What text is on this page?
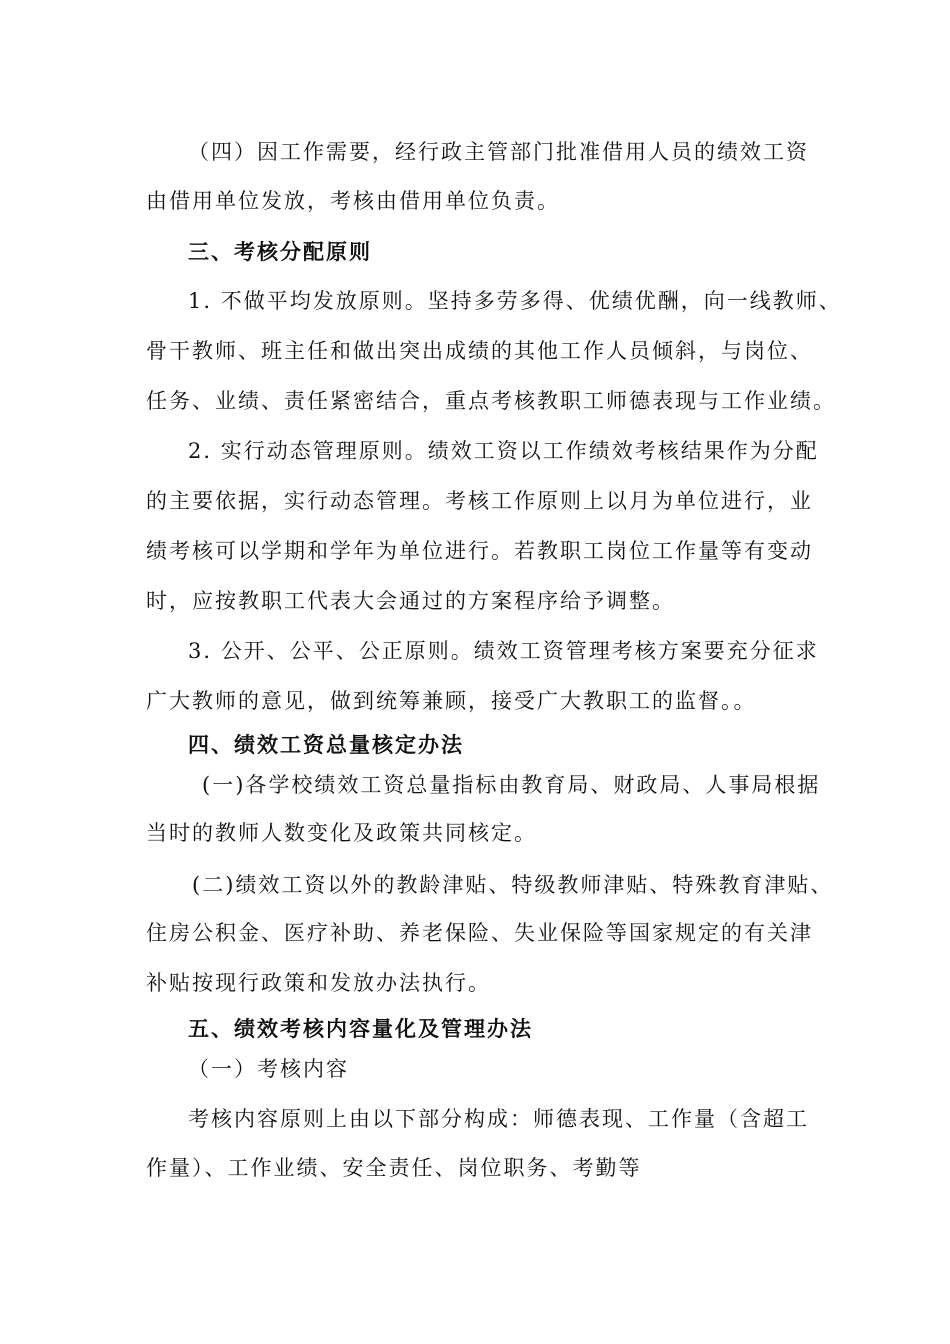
（四）因工作需要，经行政主管部门批准借用人员的绩效工资
由借用单位发放，考核由借用单位负责。
三、考核分配原则
1. 不做平均发放原则。坚持多劳多得、优绩优酬，向一线教师、
骨干教师、班主任和做出突出成绩的其他工作人员倾斜，与岗位、
任务、业绩、责任紧密结合，重点考核教职工师德表现与工作业绩。
2. 实行动态管理原则。绩效工资以工作绩效考核结果作为分配
的主要依据，实行动态管理。考核工作原则上以月为单位进行，业
绩考核可以学期和学年为单位进行。若教职工岗位工作量等有变动
时，应按教职工代表大会通过的方案程序给予调整。
3. 公开、公平、公正原则。绩效工资管理考核方案要充分征求
广大教师的意见，做到统筹兼顾，接受广大教职工的监督。。
四、绩效工资总量核定办法
(一)各学校绩效工资总量指标由教育局、财政局、人事局根据
当时的教师人数变化及政策共同核定。
(二)绩效工资以外的教龄津贴、特级教师津贴、特殊教育津贴、
住房公积金、医疗补助、养老保险、失业保险等国家规定的有关津
补贴按现行政策和发放办法执行。
五、绩效考核内容量化及管理办法
（一）考核内容
考核内容原则上由以下部分构成：师德表现、工作量（含超工
作量）、工作业绩、安全责任、岗位职务、考勤等
